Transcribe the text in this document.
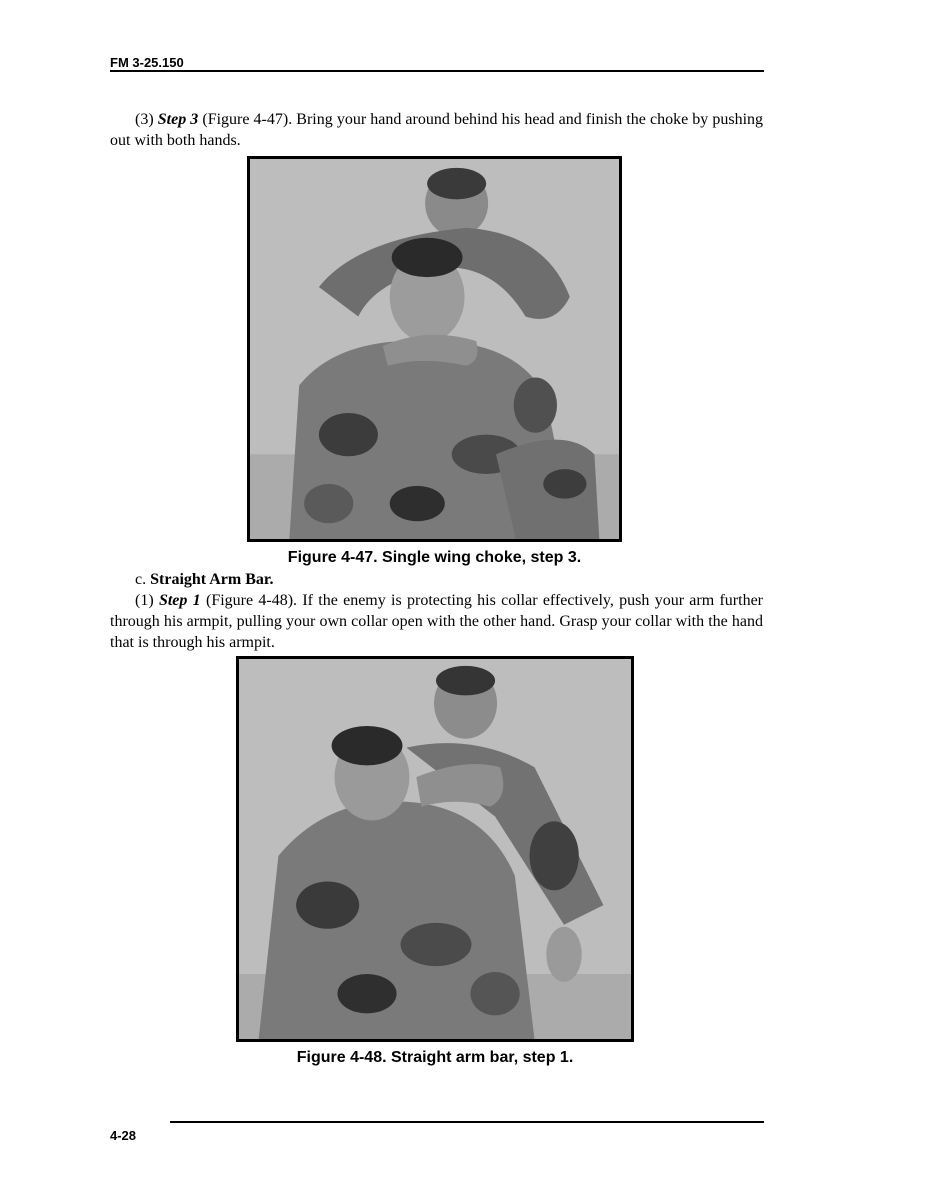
FM 3-25.150
(3) Step 3 (Figure 4-47). Bring your hand around behind his head and finish the choke by pushing out with both hands.
Figure 4-47. Single wing choke, step 3.
c. Straight Arm Bar.
(1) Step 1 (Figure 4-48). If the enemy is protecting his collar effectively, push your arm further through his armpit, pulling your own collar open with the other hand. Grasp your collar with the hand that is through his armpit.
Figure 4-48. Straight arm bar, step 1.
4-28
